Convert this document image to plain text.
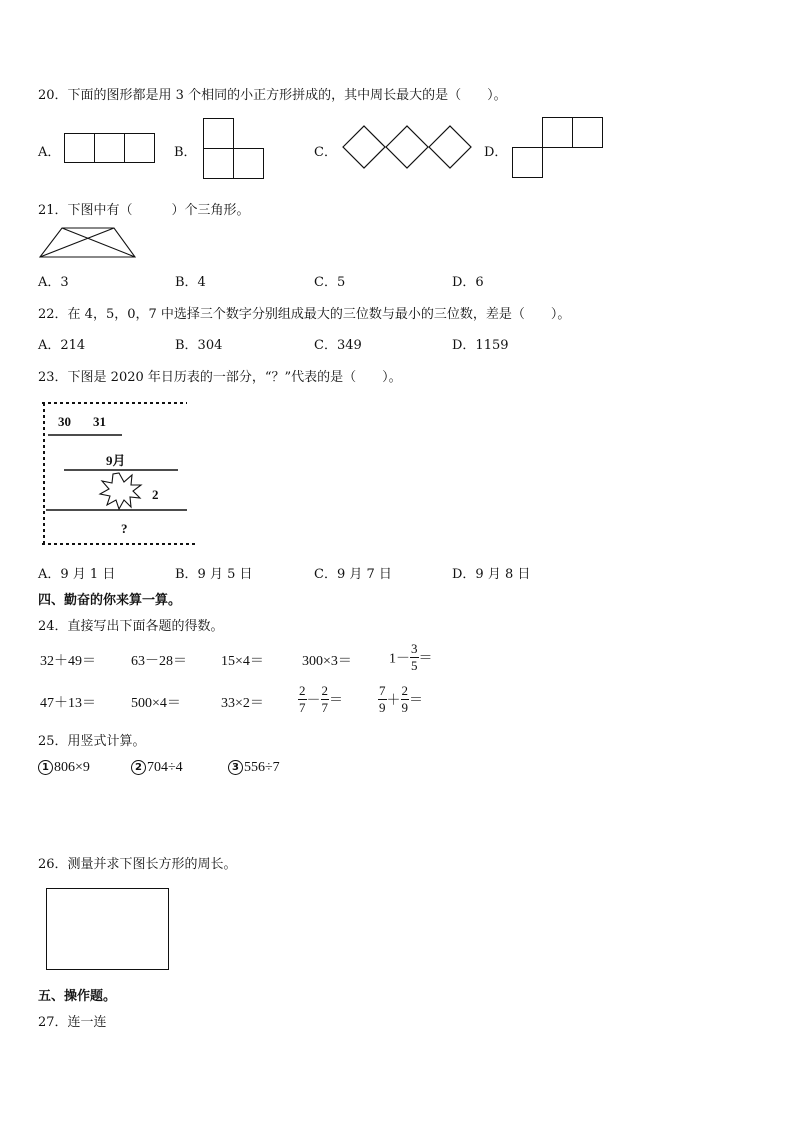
20．下面的图形都是用 3 个相同的小正方形拼成的，其中周长最大的是（　　）。
A．	B．	C．	D．
21．下图中有（　　　）个三角形。
A．3	B．4	C．5	D．6
22．在 4，5，0，7 中选择三个数字分别组成最大的三位数与最小的三位数，差是（　　）。
A．214	B．304	C．349	D．1159
23．下图是 2020 年日历表的一部分，“？”代表的是（　　）。
30 31
9月
2
?
A．9 月 1 日	B．9 月 5 日	C．9 月 7 日	D．9 月 8 日
四、勤奋的你来算一算。
24．直接写出下面各题的得数。
32＋49＝	63－28＝ 15×4＝	300×3＝	$1- \frac{3}{5}$ ＝
47＋13＝	500×4＝	33×2＝	$\frac{2}{7} - \frac{2}{7}$ ＝	$\frac{7}{9} + \frac{2}{9}$ ＝
25．用竖式计算。
1 806×9	2 704÷4	3 556÷7
26．测量并求下图长方形的周长。
五、操作题。
27．连一连
